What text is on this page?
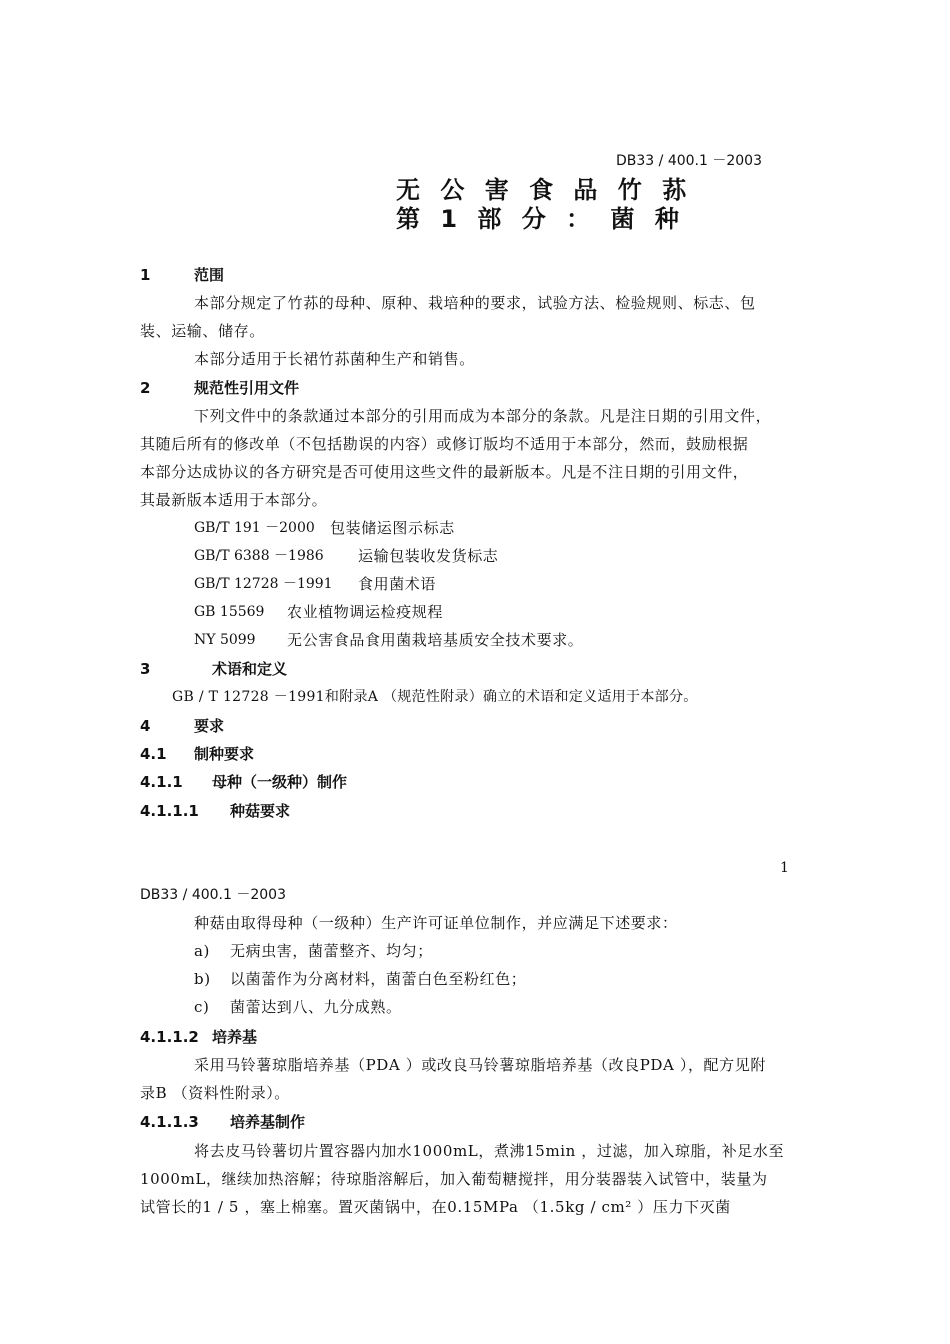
DB33 / 400.1 －2003
无 公 害 食 品 竹 荪
第 1 部 分 ： 菌 种
1	范围
本部分规定了竹荪的母种、原种、栽培种的要求，试验方法、检验规则、标志、包
装、运输、储存。
本部分适用于长裙竹荪菌种生产和销售。
2	规范性引用文件
下列文件中的条款通过本部分的引用而成为本部分的条款。凡是注日期的引用文件，
其随后所有的修改单（不包括勘误的内容）或修订版均不适用于本部分，然而，鼓励根据
本部分达成协议的各方研究是否可使用这些文件的最新版本。凡是不注日期的引用文件，
其最新版本适用于本部分。
GB/T 191 －2000 包装储运图示标志
GB/T 6388 －1986 运输包装收发货标志
GB/T 12728 －1991 食用菌术语
GB 15569 农业植物调运检疫规程
NY 5099 无公害食品食用菌栽培基质安全技术要求。
3	术语和定义
GB / T 12728 －1991和附录A （规范性附录）确立的术语和定义适用于本部分。
4	要求
4.1 制种要求
4.1.1 母种（一级种）制作
4.1.1.1 种菇要求
1
DB33 / 400.1 －2003
种菇由取得母种（一级种）生产许可证单位制作，并应满足下述要求：
a) 无病虫害，菌蕾整齐、均匀；
b) 以菌蕾作为分离材料，菌蕾白色至粉红色；
c) 菌蕾达到八、九分成熟。
4.1.1.2 培养基
采用马铃薯琼脂培养基（PDA ）或改良马铃薯琼脂培养基（改良PDA ），配方见附
录B （资料性附录）。
4.1.1.3 培养基制作
将去皮马铃薯切片置容器内加水1000mL，煮沸15min ，过滤，加入琼脂，补足水至
1000mL，继续加热溶解；待琼脂溶解后，加入葡萄糖搅拌，用分装器装入试管中，装量为
试管长的1 / 5 ，塞上棉塞。置灭菌锅中，在0.15MPa （1.5kg / cm² ）压力下灭菌
